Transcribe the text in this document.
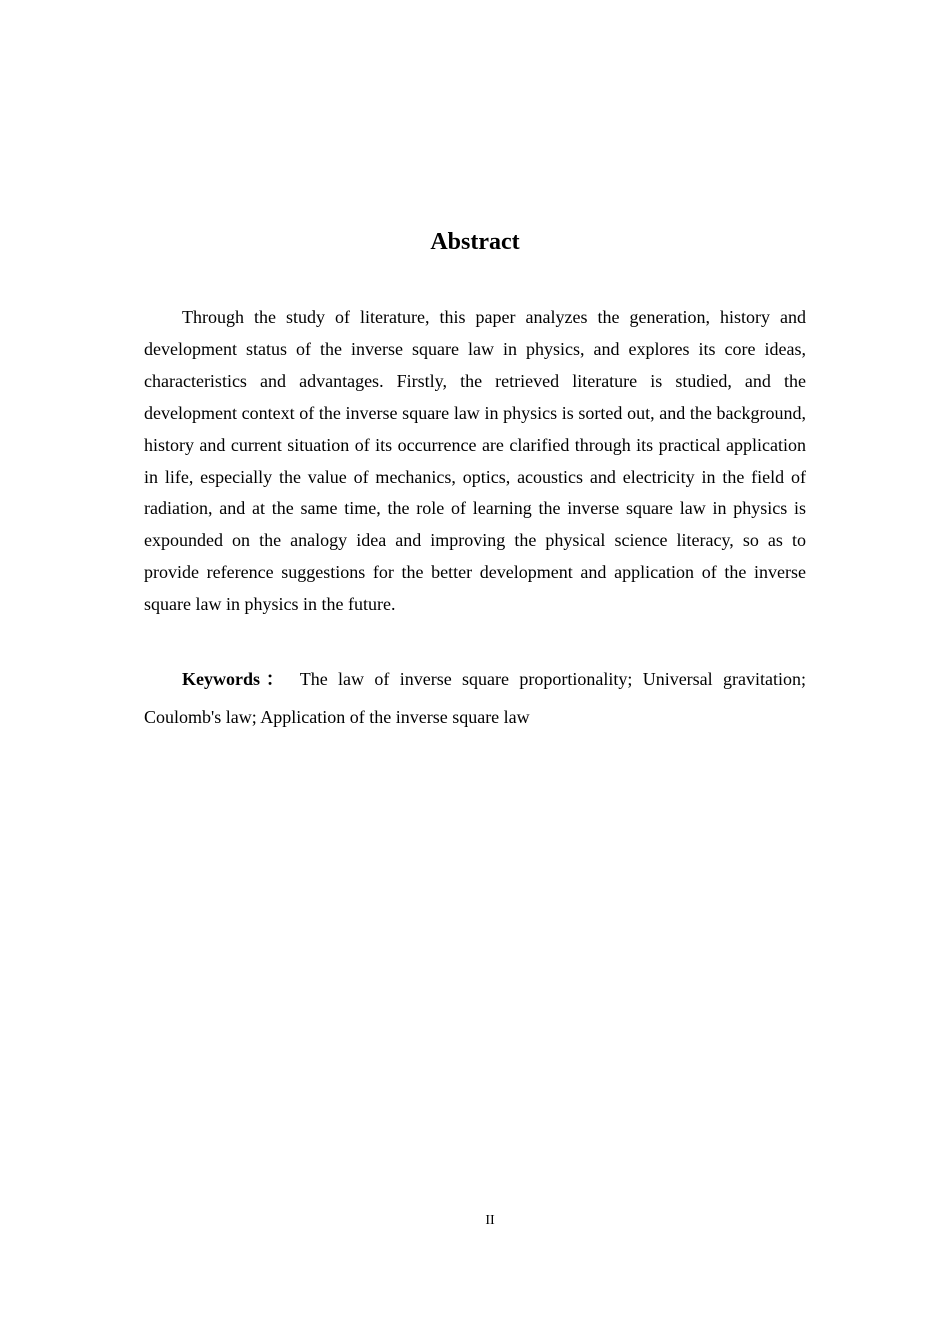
Abstract

Through the study of literature, this paper analyzes the generation, history and development status of the inverse square law in physics, and explores its core ideas, characteristics and advantages. Firstly, the retrieved literature is studied, and the development context of the inverse square law in physics is sorted out, and the background, history and current situation of its occurrence are clarified through its practical application in life, especially the value of mechanics, optics, acoustics and electricity in the field of radiation, and at the same time, the role of learning the inverse square law in physics is expounded on the analogy idea and improving the physical science literacy, so as to provide reference suggestions for the better development and application of the inverse square law in physics in the future.

Keywords： The law of inverse square proportionality; Universal gravitation; Coulomb's law; Application of the inverse square law

II
